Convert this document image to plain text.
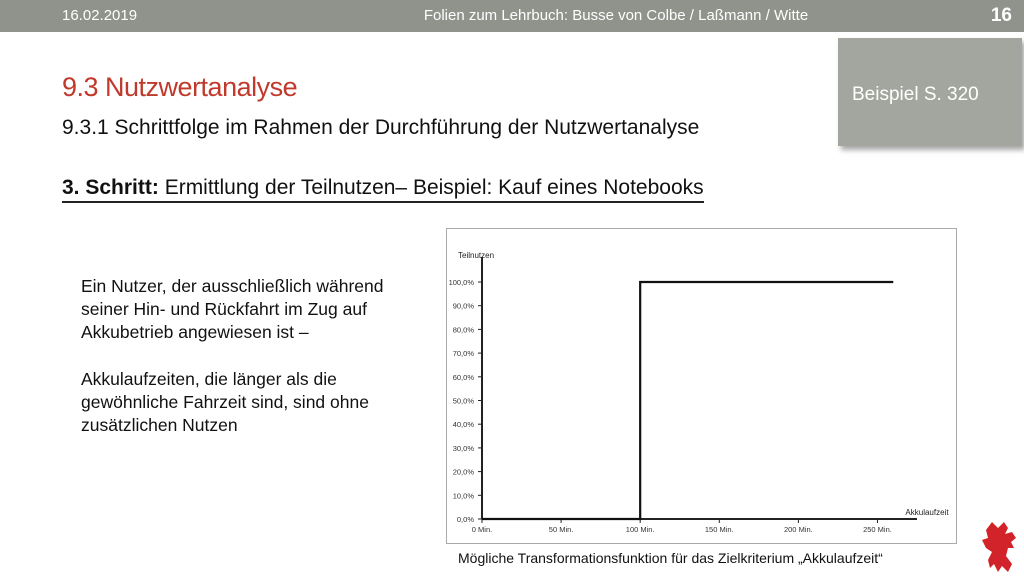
16.02.2019	Folien zum Lehrbuch: Busse von Colbe / Laßmann / Witte	16
Beispiel S. 320
9.3 Nutzwertanalyse
9.3.1 Schrittfolge im Rahmen der Durchführung der Nutzwertanalyse
3. Schritt: Ermittlung der Teilnutzen– Beispiel: Kauf eines Notebooks

Ein Nutzer, der ausschließlich während seiner Hin- und Rückfahrt im Zug auf Akkubetrieb angewiesen ist –

Akkulaufzeiten, die länger als die gewöhnliche Fahrzeit sind, sind ohne zusätzlichen Nutzen

0,0%
10,0%
20,0%
30,0%
40,0%
50,0%
60,0%
70,0%
80,0%
90,0%
100,0%
0 Min.	50 Min.	100 Min.	150 Min.	200 Min.	250 Min.
Teilnutzen
Akkulaufzeit
Mögliche Transformationsfunktion für das Zielkriterium „Akkulaufzeit“
